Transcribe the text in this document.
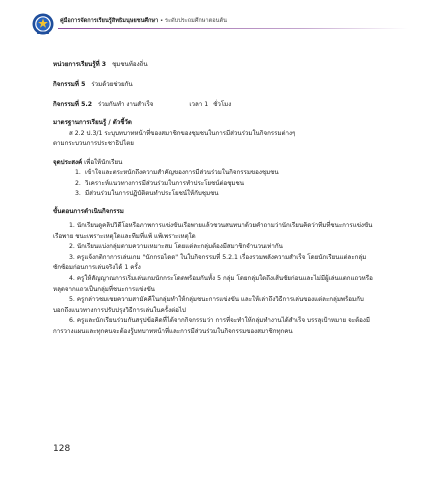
คู่มือการจัดการเรียนรู้สิทธิมนุษยชนศึกษา • ระดับประถมศึกษาตอนต้น
หน่วยการเรียนรู้ที่ 3 ชุมชนท้องถิ่น
กิจกรรมที่ 5 ร่วมด้วยช่วยกัน
กิจกรรมที่ 5.2 ร่วมกันทำ งานสำเร็จ	เวลา 1 ชั่วโมง
มาตรฐานการเรียนรู้ / ตัวชี้วัด
ส 2.2 ป.3/1 ระบุบทบาทหน้าที่ของสมาชิกของชุมชนในการมีส่วนร่วมในกิจกรรมต่างๆ
ตามกระบวนการประชาธิปไตย
จุดประสงค์ เพื่อให้นักเรียน
1. เข้าใจและตระหนักถึงความสำคัญของการมีส่วนร่วมในกิจกรรมของชุมชน
2. วิเคราะห์แนวทางการมีส่วนร่วมในการทำประโยชน์ต่อชุมชน
3. มีส่วนร่วมในการปฏิบัติตนทำประโยชน์ให้กับชุมชน
ขั้นตอนการดำเนินกิจกรรม

1. นักเรียนดูคลิปวิดีโอหรือภาพการแข่งขันเรือพายแล้วชวนสนทนาด้วยคำถามว่านักเรียนคิดว่าทีมที่ชนะการแข่งขันเรือพาย ชนะเพราะเหตุใดและทีมที่แพ้ แพ้เพราะเหตุใด

2. นักเรียนแบ่งกลุ่มตามความเหมาะสม โดยแต่ละกลุ่มต้องมีสมาชิกจำนวนเท่ากัน

3. ครูแจ้งกติกาการเล่นเกม "นักกรอไดด" ในใบกิจกรรมที่ 5.2.1 เรื่องรวมพลังความสำเร็จ โดยนักเรียนแต่ละกลุ่มซักซ้อมก่อนการเล่นจริงได้ 1 ครั้ง

4. ครูให้สัญญาณการเริ่มเล่นเกมนักกระโดดพร้อมกันทั้ง 5 กลุ่ม โดยกลุ่มใดถึงเส้นชัยก่อนและไม่มีผู้เล่นแตกแถวหรือหลุดจากแถวเป็นกลุ่มที่ชนะการแข่งขัน

5. ครูกล่าวชมเชยความสามัคคีในกลุ่มทำให้กลุ่มชนะการแข่งขัน และให้เล่าถึงวิธีการเล่นของแต่ละกลุ่มพร้อมกับบอกถึงแนวทางการปรับปรุงวิธีการเล่นในครั้งต่อไป

6. ครูและนักเรียนร่วมกันสรุปข้อคิดที่ได้จากกิจกรรมว่า การที่จะทำให้กลุ่มทำงานได้สำเร็จ บรรลุเป้าหมาย จะต้องมีการวางแผนและทุกคนจะต้องรู้บทบาทหน้าที่และการมีส่วนร่วมในกิจกรรมของสมาชิกทุกคน

128
